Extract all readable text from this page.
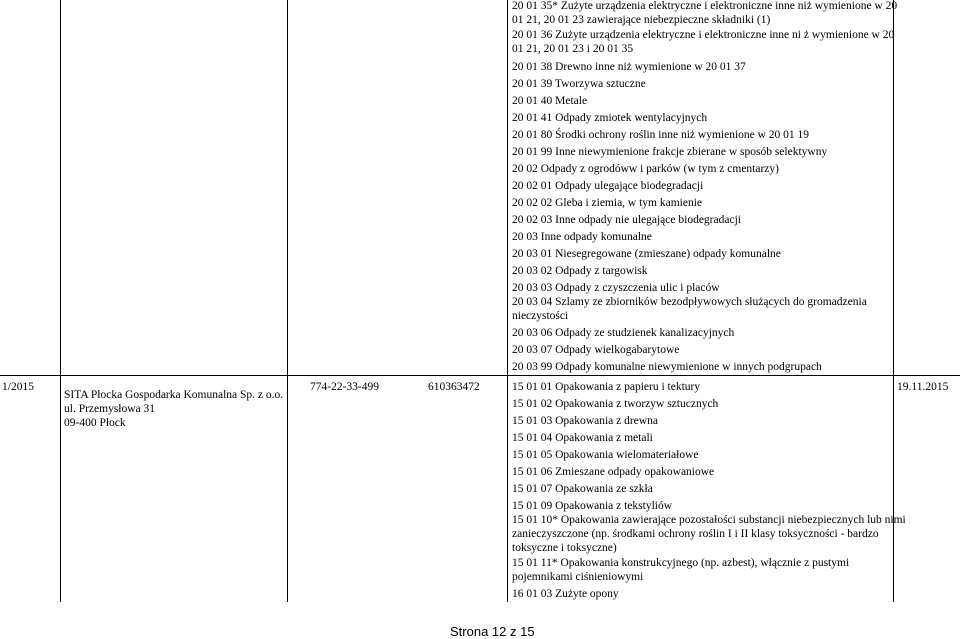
20 01 35* Zużyte urządzenia elektryczne i elektroniczne inne niż wymienione w 20
01 21, 20 01 23 zawierające niebezpieczne składniki (1)
20 01 36 Zużyte urządzenia elektryczne i elektroniczne inne ni ż wymienione w 20
01 21, 20 01 23 i 20 01 35
20 01 38 Drewno inne niż wymienione w 20 01 37
20 01 39 Tworzywa sztuczne
20 01 40 Metale
20 01 41 Odpady zmiotek wentylacyjnych
20 01 80 Środki ochrony roślin inne niż wymienione w 20 01 19
20 01 99 Inne niewymienione frakcje zbierane w sposób selektywny
20 02 Odpady z ogrodóww i parków (w tym z cmentarzy)
20 02 01 Odpady ulegające biodegradacji
20 02 02 Gleba i ziemia, w tym kamienie
20 02 03 Inne odpady nie ulegające biodegradacji
20 03 Inne odpady komunalne
20 03 01 Niesegregowane (zmieszane) odpady komunalne
20 03 02 Odpady z targowisk
20 03 03 Odpady z czyszczenia ulic i placów
20 03 04 Szlamy ze zbiorników bezodpływowych służących do gromadzenia
nieczystości
20 03 06 Odpady ze studzienek kanalizacyjnych
20 03 07 Odpady wielkogabarytowe
20 03 99 Odpady komunalne niewymienione w innych podgrupach
1/2015
SITA Płocka Gospodarka Komunalna Sp. z o.o.
ul. Przemysłowa 31
09-400 Płock
774-22-33-499	610363472	19.11.2015
15 01 01 Opakowania z papieru i tektury
15 01 02 Opakowania z tworzyw sztucznych
15 01 03 Opakowania z drewna
15 01 04 Opakowania z metali
15 01 05 Opakowania wielomateriałowe
15 01 06 Zmieszane odpady opakowaniowe
15 01 07 Opakowania ze szkła
15 01 09 Opakowania z tekstyliów
15 01 10* Opakowania zawierające pozostałości substancji niebezpiecznych lub nimi
zanieczyszczone (np. środkami ochrony roślin I i II klasy toksyczności - bardzo
toksyczne i toksyczne)
15 01 11* Opakowania konstrukcyjnego (np. azbest), włącznie z pustymi
pojemnikami ciśnieniowymi
16 01 03 Zużyte opony
Strona 12 z 15
